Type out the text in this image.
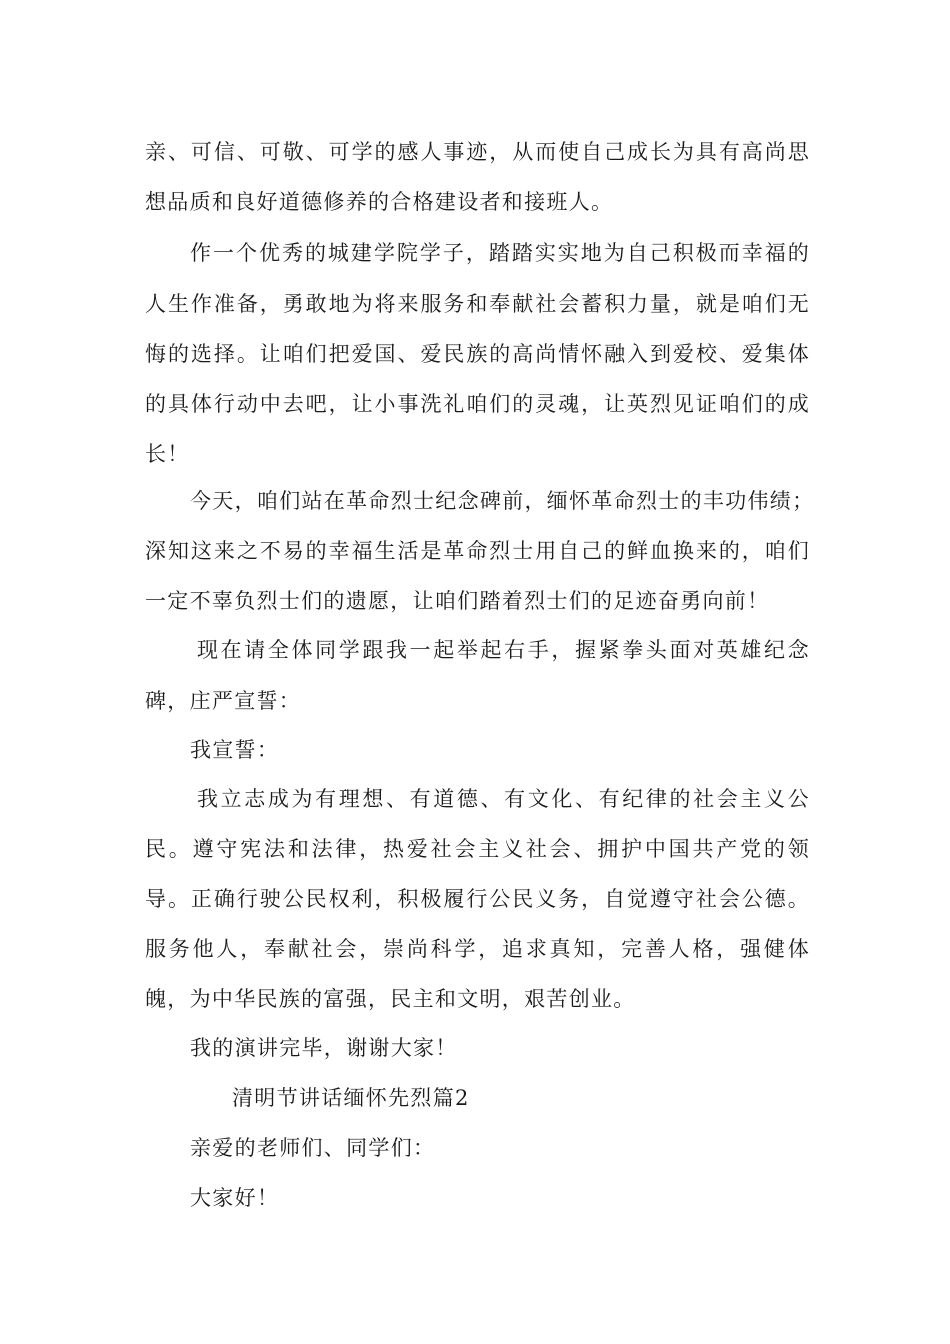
亲、可信、可敬、可学的感人事迹，从而使自己成长为具有高尚思
想品质和良好道德修养的合格建设者和接班人。
作一个优秀的城建学院学子，踏踏实实地为自己积极而幸福的
人生作准备，勇敢地为将来服务和奉献社会蓄积力量，就是咱们无
悔的选择。让咱们把爱国、爱民族的高尚情怀融入到爱校、爱集体
的具体行动中去吧，让小事洗礼咱们的灵魂，让英烈见证咱们的成
长！
今天，咱们站在革命烈士纪念碑前，缅怀革命烈士的丰功伟绩；
深知这来之不易的幸福生活是革命烈士用自己的鲜血换来的，咱们
一定不辜负烈士们的遗愿，让咱们踏着烈士们的足迹奋勇向前！
现在请全体同学跟我一起举起右手，握紧拳头面对英雄纪念
碑，庄严宣誓：
我宣誓：
我立志成为有理想、有道德、有文化、有纪律的社会主义公
民。遵守宪法和法律，热爱社会主义社会、拥护中国共产党的领
导。正确行驶公民权利，积极履行公民义务，自觉遵守社会公德。
服务他人，奉献社会，崇尚科学，追求真知，完善人格，强健体
魄，为中华民族的富强，民主和文明，艰苦创业。
我的演讲完毕，谢谢大家！
清明节讲话缅怀先烈篇2
亲爱的老师们、同学们：
大家好！
